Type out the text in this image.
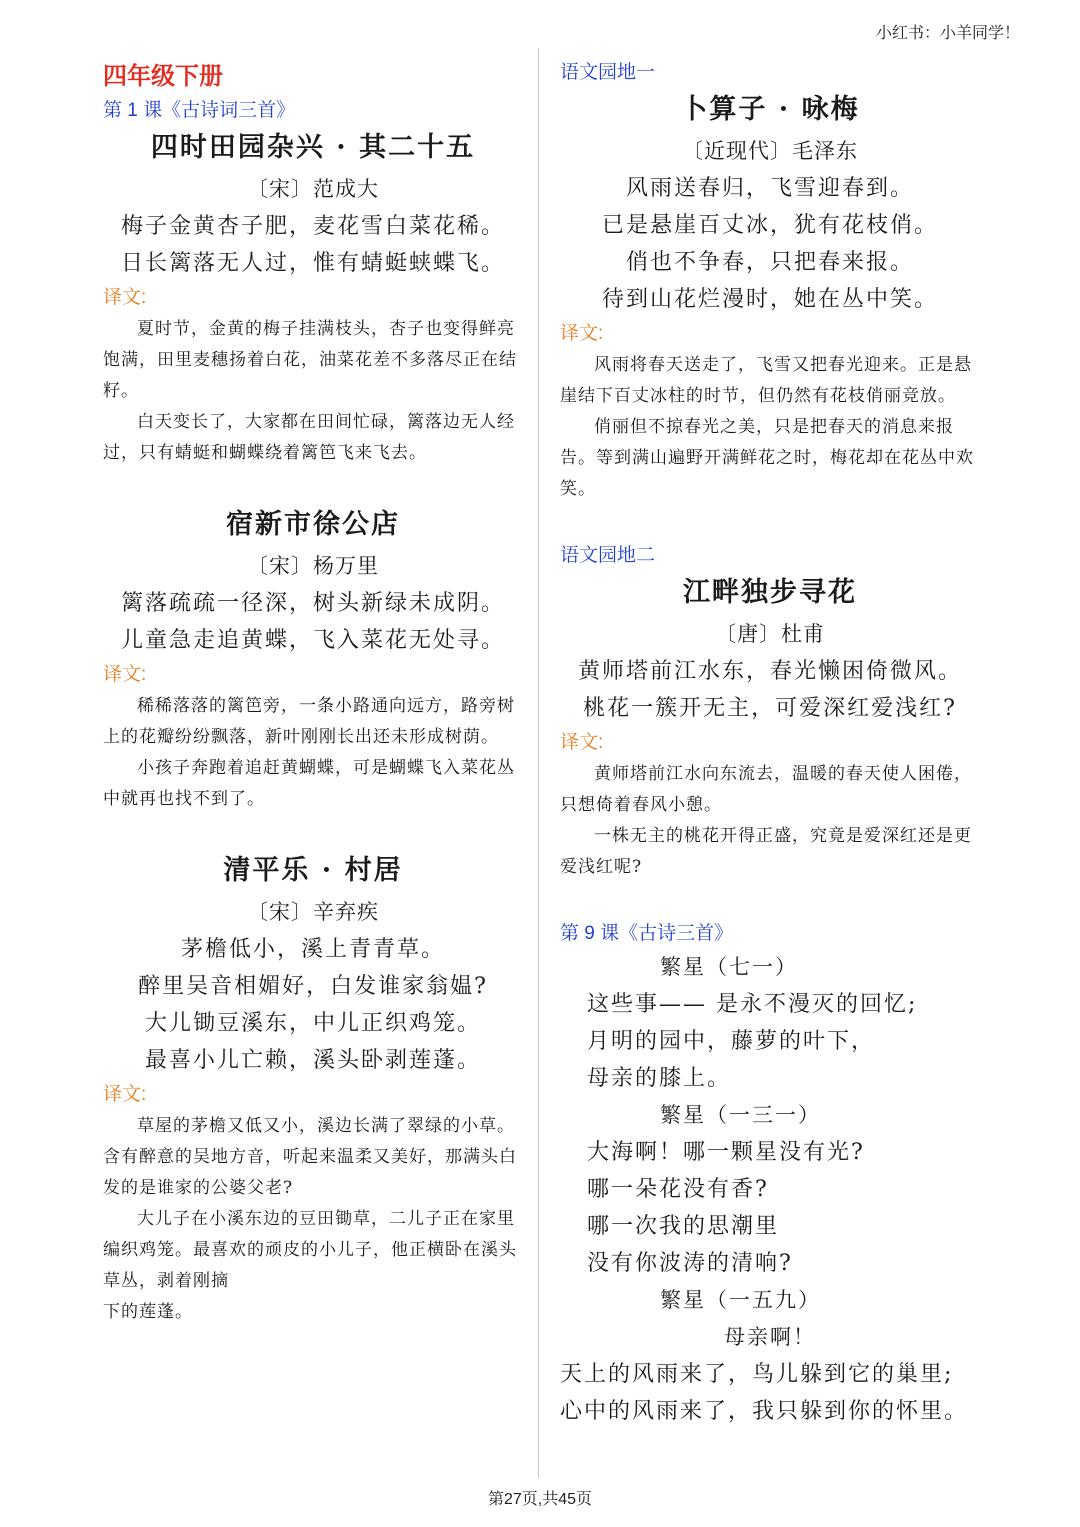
小红书：小羊同学！
四年级下册
第 1 课《古诗词三首》
四时田园杂兴 · 其二十五
〔宋〕范成大
梅子金黄杏子肥，麦花雪白菜花稀。
日长篱落无人过，惟有蜻蜓蛱蝶飞。
译文:

夏时节，金黄的梅子挂满枝头，杏子也变得鲜亮饱满，田里麦穗扬着白花，油菜花差不多落尽正在结籽。

白天变长了，大家都在田间忙碌，篱落边无人经过，只有蜻蜓和蝴蝶绕着篱笆飞来飞去。

宿新市徐公店
〔宋〕杨万里
篱落疏疏一径深，树头新绿未成阴。
儿童急走追黄蝶，飞入菜花无处寻。
译文:

稀稀落落的篱笆旁，一条小路通向远方，路旁树上的花瓣纷纷飘落，新叶刚刚长出还未形成树荫。

小孩子奔跑着追赶黄蝴蝶，可是蝴蝶飞入菜花丛中就再也找不到了。

清平乐 · 村居
〔宋〕辛弃疾
茅檐低小，溪上青青草。
醉里吴音相媚好，白发谁家翁媪?
大儿锄豆溪东，中儿正织鸡笼。
最喜小儿亡赖，溪头卧剥莲蓬。
译文:

草屋的茅檐又低又小，溪边长满了翠绿的小草。含有醉意的吴地方音，听起来温柔又美好，那满头白发的是谁家的公婆父老?

大儿子在小溪东边的豆田锄草，二儿子正在家里编织鸡笼。最喜欢的顽皮的小儿子，他正横卧在溪头草丛，剥着刚摘

下的莲蓬。

语文园地一
卜算子 · 咏梅
〔近现代〕毛泽东
风雨送春归，飞雪迎春到。
已是悬崖百丈冰，犹有花枝俏。
俏也不争春，只把春来报。
待到山花烂漫时，她在丛中笑。
译文:

风雨将春天送走了，飞雪又把春光迎来。正是悬崖结下百丈冰柱的时节，但仍然有花枝俏丽竞放。

俏丽但不掠春光之美，只是把春天的消息来报告。等到满山遍野开满鲜花之时，梅花却在花丛中欢笑。

语文园地二
江畔独步寻花
〔唐〕杜甫
黄师塔前江水东，春光懒困倚微风。
桃花一簇开无主，可爱深红爱浅红?
译文:

黄师塔前江水向东流去，温暖的春天使人困倦，只想倚着春风小憩。

一株无主的桃花开得正盛，究竟是爱深红还是更爱浅红呢?

第 9 课《古诗三首》
繁星（七一）
这些事—— 是永不漫灭的回忆;
月明的园中，藤萝的叶下，
母亲的膝上。
繁星（一三一）
大海啊！哪一颗星没有光?
哪一朵花没有香?
哪一次我的思潮里
没有你波涛的清响?
繁星（一五九）
母亲啊！
天上的风雨来了，鸟儿躲到它的巢里;
心中的风雨来了，我只躲到你的怀里。
第27页,共45页
